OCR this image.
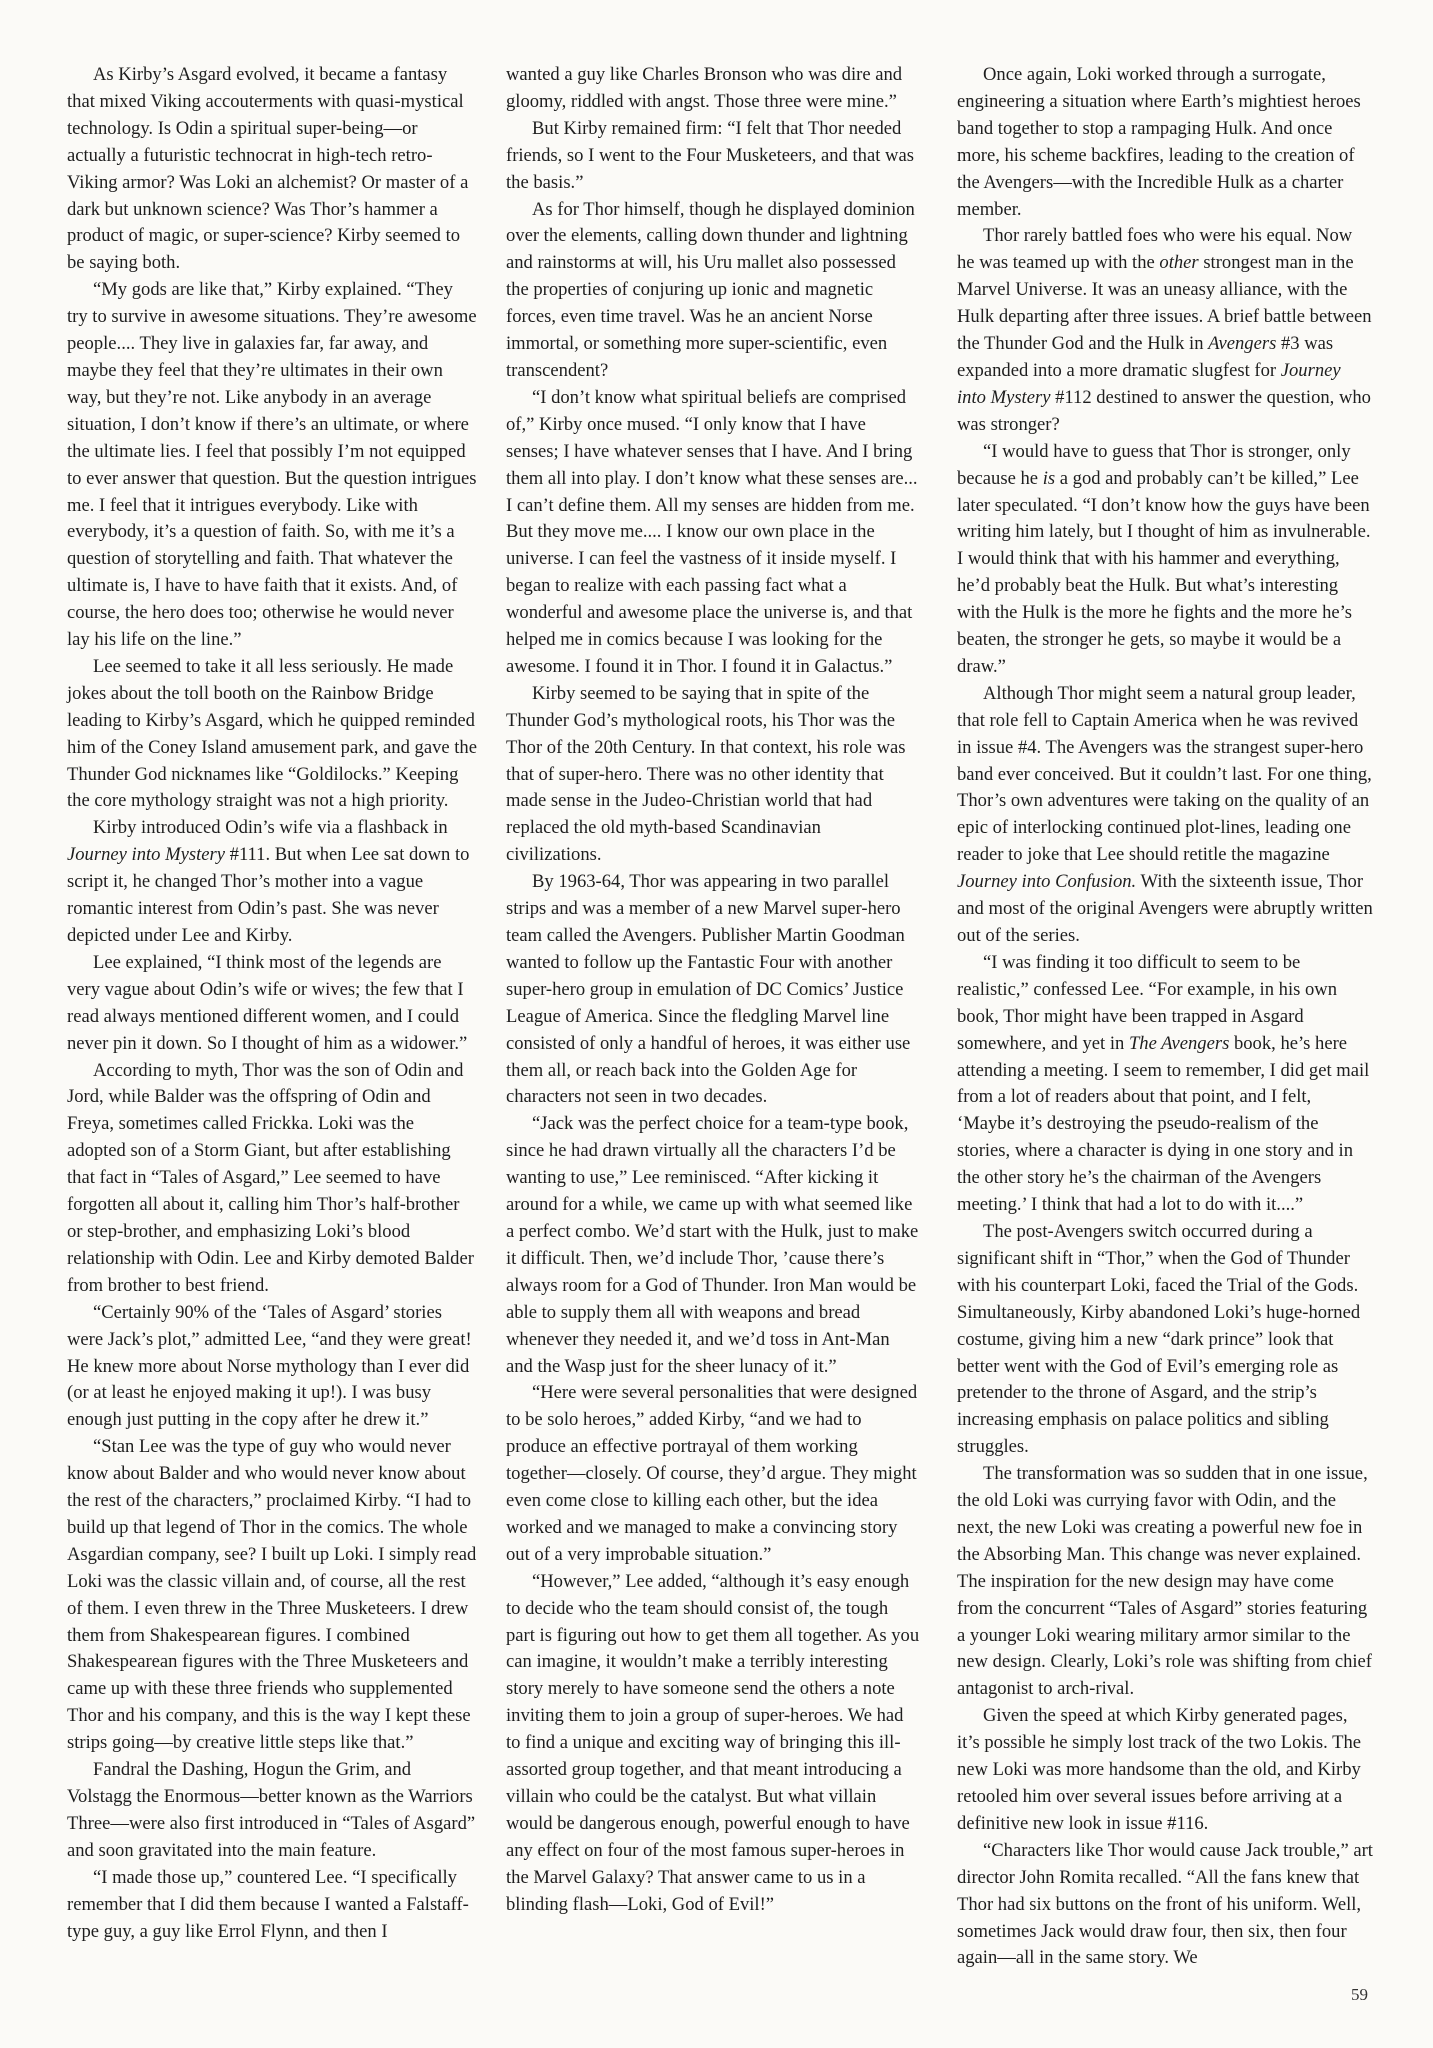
As Kirby’s Asgard evolved, it became a fantasy that mixed Viking accouterments with quasi-mystical technology. Is Odin a spiritual super-being—or actually a futuristic technocrat in high-tech retro-Viking armor? Was Loki an alchemist? Or master of a dark but unknown science? Was Thor’s hammer a product of magic, or super-science? Kirby seemed to be saying both.

“My gods are like that,” Kirby explained. “They try to survive in awesome situations. They’re awesome people.... They live in galaxies far, far away, and maybe they feel that they’re ultimates in their own way, but they’re not. Like anybody in an average situation, I don’t know if there’s an ultimate, or where the ultimate lies. I feel that possibly I’m not equipped to ever answer that question. But the question intrigues me. I feel that it intrigues everybody. Like with everybody, it’s a question of faith. So, with me it’s a question of storytelling and faith. That whatever the ultimate is, I have to have faith that it exists. And, of course, the hero does too; otherwise he would never lay his life on the line.”

Lee seemed to take it all less seriously. He made jokes about the toll booth on the Rainbow Bridge leading to Kirby’s Asgard, which he quipped reminded him of the Coney Island amusement park, and gave the Thunder God nicknames like “Goldilocks.” Keeping the core mythology straight was not a high priority.

Kirby introduced Odin’s wife via a flashback in Journey into Mystery #111. But when Lee sat down to script it, he changed Thor’s mother into a vague romantic interest from Odin’s past. She was never depicted under Lee and Kirby.

Lee explained, “I think most of the legends are very vague about Odin’s wife or wives; the few that I read always mentioned different women, and I could never pin it down. So I thought of him as a widower.”

According to myth, Thor was the son of Odin and Jord, while Balder was the offspring of Odin and Freya, sometimes called Frickka. Loki was the adopted son of a Storm Giant, but after establishing that fact in “Tales of Asgard,” Lee seemed to have forgotten all about it, calling him Thor’s half-brother or step-brother, and emphasizing Loki’s blood relationship with Odin. Lee and Kirby demoted Balder from brother to best friend.

“Certainly 90% of the ‘Tales of Asgard’ stories were Jack’s plot,” admitted Lee, “and they were great! He knew more about Norse mythology than I ever did (or at least he enjoyed making it up!). I was busy enough just putting in the copy after he drew it.”

“Stan Lee was the type of guy who would never know about Balder and who would never know about the rest of the characters,” proclaimed Kirby. “I had to build up that legend of Thor in the comics. The whole Asgardian company, see? I built up Loki. I simply read Loki was the classic villain and, of course, all the rest of them. I even threw in the Three Musketeers. I drew them from Shakespearean figures. I combined Shakespearean figures with the Three Musketeers and came up with these three friends who supplemented Thor and his company, and this is the way I kept these strips going—by creative little steps like that.”

Fandral the Dashing, Hogun the Grim, and Volstagg the Enormous—better known as the Warriors Three—were also first introduced in “Tales of Asgard” and soon gravitated into the main feature.

“I made those up,” countered Lee. “I specifically remember that I did them because I wanted a Falstaff-type guy, a guy like Errol Flynn, and then I

wanted a guy like Charles Bronson who was dire and gloomy, riddled with angst. Those three were mine.”

But Kirby remained firm: “I felt that Thor needed friends, so I went to the Four Musketeers, and that was the basis.”

As for Thor himself, though he displayed dominion over the elements, calling down thunder and lightning and rainstorms at will, his Uru mallet also possessed the properties of conjuring up ionic and magnetic forces, even time travel. Was he an ancient Norse immortal, or something more super-scientific, even transcendent?

“I don’t know what spiritual beliefs are comprised of,” Kirby once mused. “I only know that I have senses; I have whatever senses that I have. And I bring them all into play. I don’t know what these senses are... I can’t define them. All my senses are hidden from me. But they move me.... I know our own place in the universe. I can feel the vastness of it inside myself. I began to realize with each passing fact what a wonderful and awesome place the universe is, and that helped me in comics because I was looking for the awesome. I found it in Thor. I found it in Galactus.”

Kirby seemed to be saying that in spite of the Thunder God’s mythological roots, his Thor was the Thor of the 20th Century. In that context, his role was that of super-hero. There was no other identity that made sense in the Judeo-Christian world that had replaced the old myth-based Scandinavian civilizations.

By 1963-64, Thor was appearing in two parallel strips and was a member of a new Marvel super-hero team called the Avengers. Publisher Martin Goodman wanted to follow up the Fantastic Four with another super-hero group in emulation of DC Comics’ Justice League of America. Since the fledgling Marvel line consisted of only a handful of heroes, it was either use them all, or reach back into the Golden Age for characters not seen in two decades.

“Jack was the perfect choice for a team-type book, since he had drawn virtually all the characters I’d be wanting to use,” Lee reminisced. “After kicking it around for a while, we came up with what seemed like a perfect combo. We’d start with the Hulk, just to make it difficult. Then, we’d include Thor, ’cause there’s always room for a God of Thunder. Iron Man would be able to supply them all with weapons and bread whenever they needed it, and we’d toss in Ant-Man and the Wasp just for the sheer lunacy of it.”

“Here were several personalities that were designed to be solo heroes,” added Kirby, “and we had to produce an effective portrayal of them working together—closely. Of course, they’d argue. They might even come close to killing each other, but the idea worked and we managed to make a convincing story out of a very improbable situation.”

“However,” Lee added, “although it’s easy enough to decide who the team should consist of, the tough part is figuring out how to get them all together. As you can imagine, it wouldn’t make a terribly interesting story merely to have someone send the others a note inviting them to join a group of super-heroes. We had to find a unique and exciting way of bringing this ill-assorted group together, and that meant introducing a villain who could be the catalyst. But what villain would be dangerous enough, powerful enough to have any effect on four of the most famous super-heroes in the Marvel Galaxy? That answer came to us in a blinding flash—Loki, God of Evil!”

Once again, Loki worked through a surrogate, engineering a situation where Earth’s mightiest heroes band together to stop a rampaging Hulk. And once more, his scheme backfires, leading to the creation of the Avengers—with the Incredible Hulk as a charter member.

Thor rarely battled foes who were his equal. Now he was teamed up with the other strongest man in the Marvel Universe. It was an uneasy alliance, with the Hulk departing after three issues. A brief battle between the Thunder God and the Hulk in Avengers #3 was expanded into a more dramatic slugfest for Journey into Mystery #112 destined to answer the question, who was stronger?

“I would have to guess that Thor is stronger, only because he is a god and probably can’t be killed,” Lee later speculated. “I don’t know how the guys have been writing him lately, but I thought of him as invulnerable. I would think that with his hammer and everything, he’d probably beat the Hulk. But what’s interesting with the Hulk is the more he fights and the more he’s beaten, the stronger he gets, so maybe it would be a draw.”

Although Thor might seem a natural group leader, that role fell to Captain America when he was revived in issue #4. The Avengers was the strangest super-hero band ever conceived. But it couldn’t last. For one thing, Thor’s own adventures were taking on the quality of an epic of interlocking continued plot-lines, leading one reader to joke that Lee should retitle the magazine Journey into Confusion. With the sixteenth issue, Thor and most of the original Avengers were abruptly written out of the series.

“I was finding it too difficult to seem to be realistic,” confessed Lee. “For example, in his own book, Thor might have been trapped in Asgard somewhere, and yet in The Avengers book, he’s here attending a meeting. I seem to remember, I did get mail from a lot of readers about that point, and I felt, ‘Maybe it’s destroying the pseudo-realism of the stories, where a character is dying in one story and in the other story he’s the chairman of the Avengers meeting.’ I think that had a lot to do with it....”

The post-Avengers switch occurred during a significant shift in “Thor,” when the God of Thunder with his counterpart Loki, faced the Trial of the Gods. Simultaneously, Kirby abandoned Loki’s huge-horned costume, giving him a new “dark prince” look that better went with the God of Evil’s emerging role as pretender to the throne of Asgard, and the strip’s increasing emphasis on palace politics and sibling struggles.

The transformation was so sudden that in one issue, the old Loki was currying favor with Odin, and the next, the new Loki was creating a powerful new foe in the Absorbing Man. This change was never explained. The inspiration for the new design may have come from the concurrent “Tales of Asgard” stories featuring a younger Loki wearing military armor similar to the new design. Clearly, Loki’s role was shifting from chief antagonist to arch-rival.

Given the speed at which Kirby generated pages, it’s possible he simply lost track of the two Lokis. The new Loki was more handsome than the old, and Kirby retooled him over several issues before arriving at a definitive new look in issue #116.

“Characters like Thor would cause Jack trouble,” art director John Romita recalled. “All the fans knew that Thor had six buttons on the front of his uniform. Well, sometimes Jack would draw four, then six, then four again—all in the same story. We

59
